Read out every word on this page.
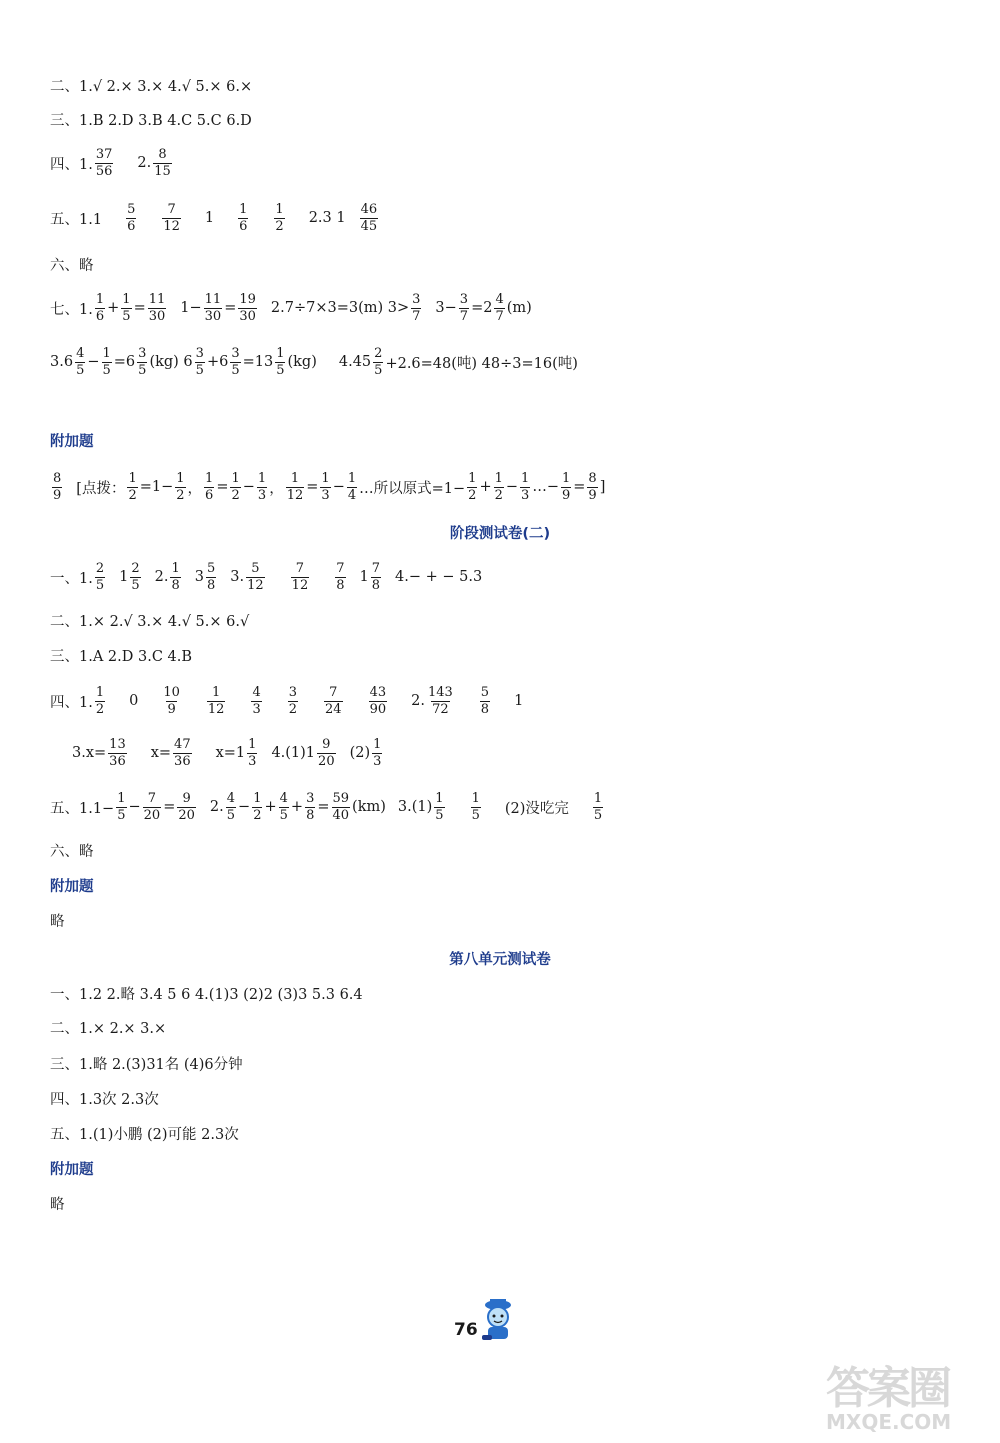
二、1.√ 2.× 3.× 4.√ 5.× 6.×
三、1.B 2.D 3.B 4.C 5.C 6.D
四、1. $\frac{37}{56} 2$. $\frac{8}{15}$
五、$1.1 \frac{5}{6} \frac{7}{12} 1 \frac{1}{6} \frac{1}{2} 2.3$ $1 \frac{46}{45}$
六、略
七、1. $\frac{1}{6} + \frac{1}{5} = \frac{11}{30} 1- \frac{11}{30} = \frac{19}{30} 2.7\div 7\times 3=3(m)$ $3> \frac{3}{7} 3- \frac{3}{7} =2 \frac{4}{7} (m)$
$3.6 \frac{4}{5} - \frac{1}{5} =6 \frac{3}{5} (kg)$ $6 \frac{3}{5} +6 \frac{3}{5} =13 \frac{1}{5} (kg)$ $4.45 \frac{2}{5} +2.6=48$(吨) 48÷3=16(吨)
附加题
$\frac{8}{9}$ [点拨： $\frac{1}{2} =1- \frac{1}{2}$ ， $\frac{1}{6} = \frac{1}{2} - \frac{1}{3}$ ， $\frac{1}{12} = \frac{1}{3} - \frac{1}{4}$ …所以原式$=1- \frac{1}{2} + \frac{1}{2} - \frac{1}{3}$ …− $\frac{1}{9} = \frac{8}{9}$ ]
阶段测试卷(二)
一、1. $\frac{2}{5} 1 \frac{2}{5} 2$. $\frac{1}{8} 3 \frac{5}{8} 3$. $\frac{5}{12} \frac{7}{12} \frac{7}{8} 1 \frac{7}{8} 4.-$ + − 5.3
二、1.× 2.√ 3.× 4.√ 5.× 6.√
三、1.A 2.D 3.C 4.B
四、1. $\frac{1}{2} 0 \frac{10}{9} \frac{1}{12} \frac{4}{3} \frac{3}{2} \frac{7}{24} \frac{43}{90} 2$. $\frac{143}{72} \frac{5}{8} 1$
$3.x= \frac{13}{36} x= \frac{47}{36} x=1 \frac{1}{3} 4.(1)1 \frac{9}{20} (2) \frac{1}{3}$
五、$1.1- \frac{1}{5} - \frac{7}{20} = \frac{9}{20} 2$. $\frac{4}{5} - \frac{1}{2} + \frac{4}{5} + \frac{3}{8} = \frac{59}{40} (km)$ $3.(1) \frac{1}{5} \frac{1}{5} (2)$没吃完 $\frac{1}{5}$
六、略
附加题
略
第八单元测试卷
一、1.2 2.略 3.4 5 6 4.(1)3 (2)2 (3)3 5.3 6.4
二、1.× 2.× 3.×
三、1.略 2.(3)31名 (4)6分钟
四、1.3次 2.3次
五、1.(1)小鹏 (2)可能 2.3次
附加题
略
76
答案圈
MXQE.COM
